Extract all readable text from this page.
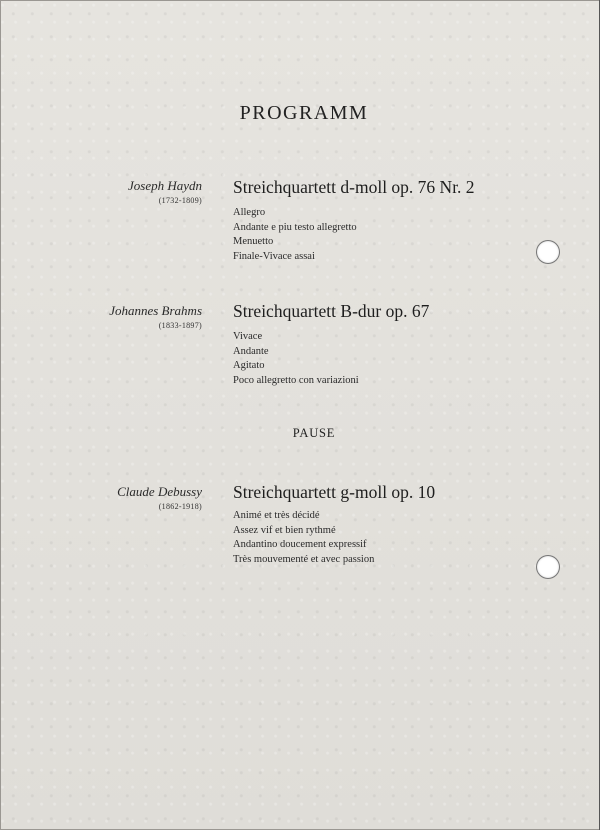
PROGRAMM
Joseph Haydn
(1732-1809)
Streichquartett d-moll op. 76 Nr. 2
Allegro
Andante e piu testo allegretto
Menuetto
Finale-Vivace assai
Johannes Brahms
(1833-1897)
Streichquartett B-dur op. 67
Vivace
Andante
Agitato
Poco allegretto con variazioni
PAUSE
Claude Debussy
(1862-1918)
Streichquartett g-moll op. 10
Animé et très décidé
Assez vif et bien rythmé
Andantino doucement expressif
Très mouvementé et avec passion
